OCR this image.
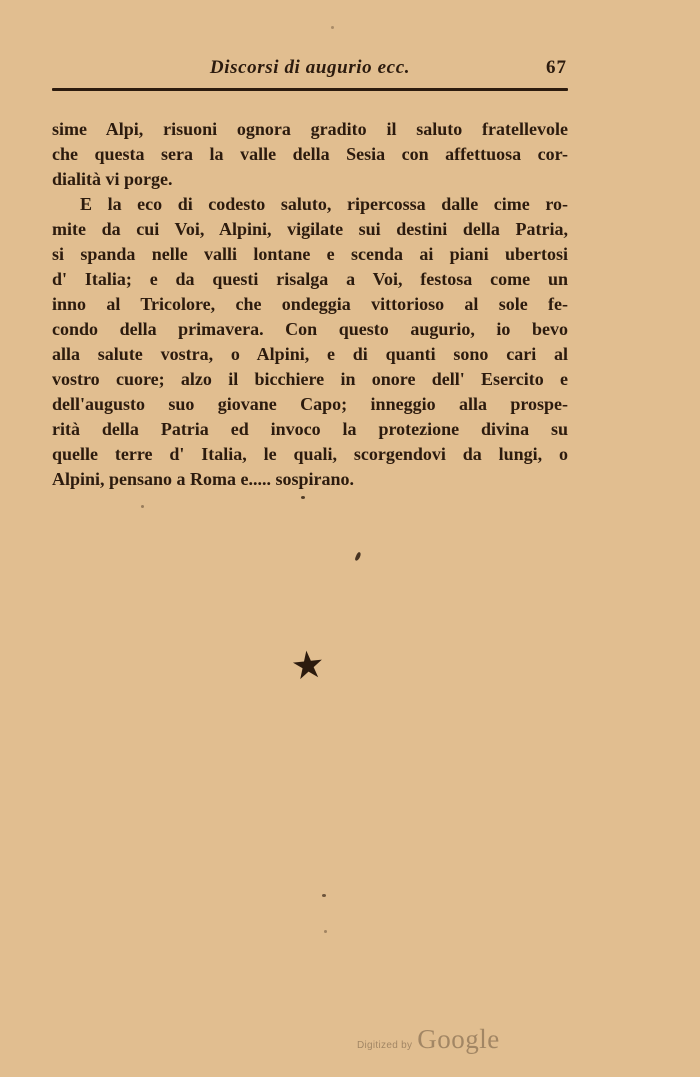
Discorsi di augurio ecc.	67
sime Alpi, risuoni ognora gradito il saluto fratellevole
che questa sera la valle della Sesia con affettuosa cor-
dialità vi porge.
E la eco di codesto saluto, ripercossa dalle cime ro-
mite da cui Voi, Alpini, vigilate sui destini della Patria,
si spanda nelle valli lontane e scenda ai piani ubertosi
d' Italia; e da questi risalga a Voi, festosa come un
inno al Tricolore, che ondeggia vittorioso al sole fe-
condo della primavera. Con questo augurio, io bevo
alla salute vostra, o Alpini, e di quanti sono cari al
vostro cuore; alzo il bicchiere in onore dell' Esercito e
dell'augusto suo giovane Capo; inneggio alla prospe-
rità della Patria ed invoco la protezione divina su
quelle terre d' Italia, le quali, scorgendovi da lungi, o
Alpini, pensano a Roma e..... sospirano.
★
Digitized by Google
